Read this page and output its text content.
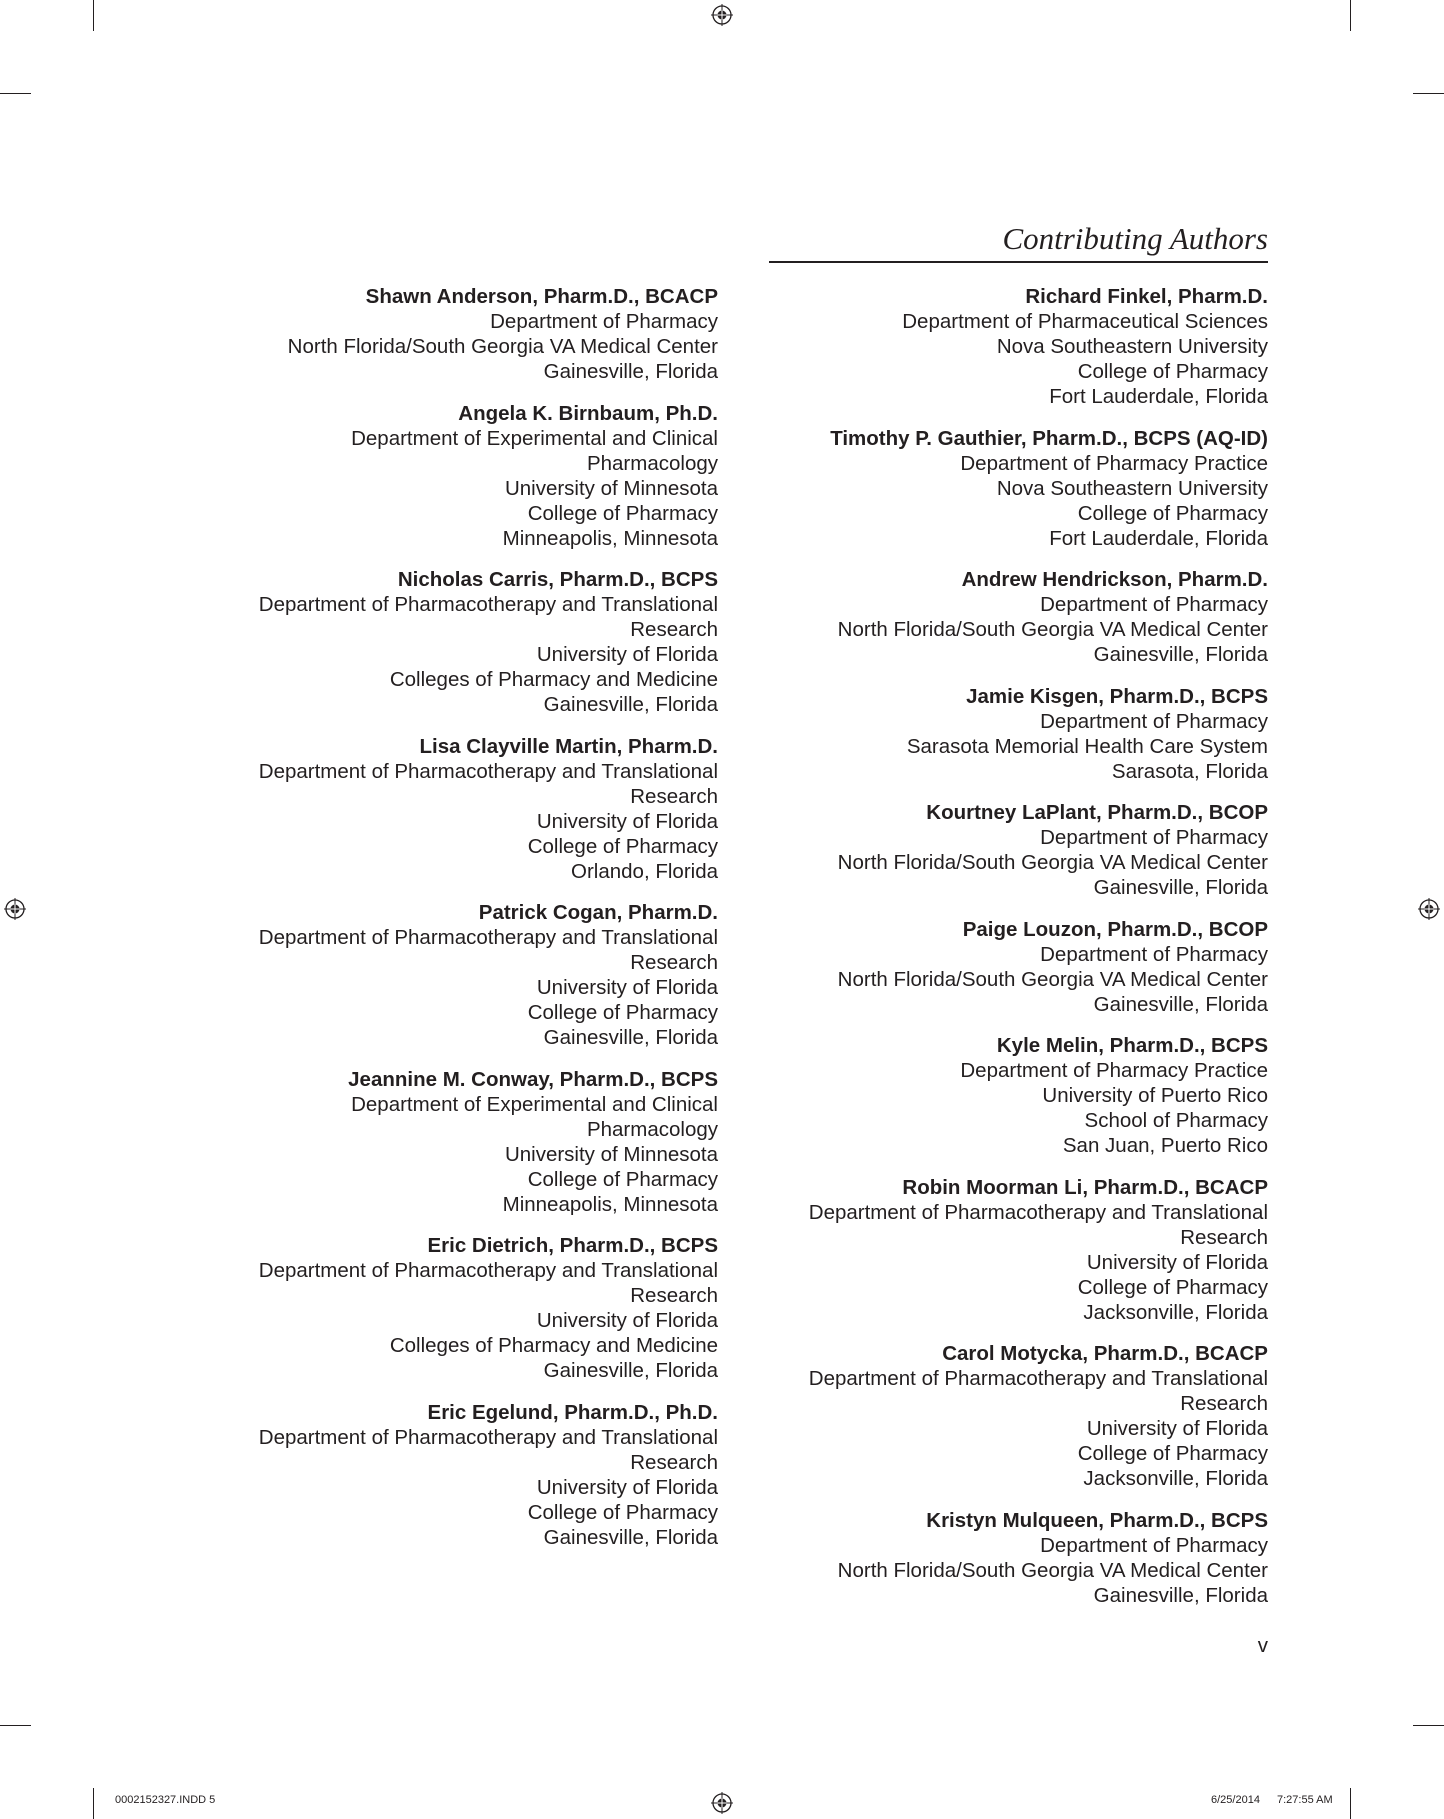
Contributing Authors
Shawn Anderson, Pharm.D., BCACP
Department of Pharmacy
North Florida/South Georgia VA Medical Center
Gainesville, Florida
Angela K. Birnbaum, Ph.D.
Department of Experimental and Clinical
Pharmacology
University of Minnesota
College of Pharmacy
Minneapolis, Minnesota
Nicholas Carris, Pharm.D., BCPS
Department of Pharmacotherapy and Translational
Research
University of Florida
Colleges of Pharmacy and Medicine
Gainesville, Florida
Lisa Clayville Martin, Pharm.D.
Department of Pharmacotherapy and Translational
Research
University of Florida
College of Pharmacy
Orlando, Florida
Patrick Cogan, Pharm.D.
Department of Pharmacotherapy and Translational
Research
University of Florida
College of Pharmacy
Gainesville, Florida
Jeannine M. Conway, Pharm.D., BCPS
Department of Experimental and Clinical
Pharmacology
University of Minnesota
College of Pharmacy
Minneapolis, Minnesota
Eric Dietrich, Pharm.D., BCPS
Department of Pharmacotherapy and Translational
Research
University of Florida
Colleges of Pharmacy and Medicine
Gainesville, Florida
Eric Egelund, Pharm.D., Ph.D.
Department of Pharmacotherapy and Translational
Research
University of Florida
College of Pharmacy
Gainesville, Florida
Richard Finkel, Pharm.D.
Department of Pharmaceutical Sciences
Nova Southeastern University
College of Pharmacy
Fort Lauderdale, Florida
Timothy P. Gauthier, Pharm.D., BCPS (AQ-ID)
Department of Pharmacy Practice
Nova Southeastern University
College of Pharmacy
Fort Lauderdale, Florida
Andrew Hendrickson, Pharm.D.
Department of Pharmacy
North Florida/South Georgia VA Medical Center
Gainesville, Florida
Jamie Kisgen, Pharm.D., BCPS
Department of Pharmacy
Sarasota Memorial Health Care System
Sarasota, Florida
Kourtney LaPlant, Pharm.D., BCOP
Department of Pharmacy
North Florida/South Georgia VA Medical Center
Gainesville, Florida
Paige Louzon, Pharm.D., BCOP
Department of Pharmacy
North Florida/South Georgia VA Medical Center
Gainesville, Florida
Kyle Melin, Pharm.D., BCPS
Department of Pharmacy Practice
University of Puerto Rico
School of Pharmacy
San Juan, Puerto Rico
Robin Moorman Li, Pharm.D., BCACP
Department of Pharmacotherapy and Translational
Research
University of Florida
College of Pharmacy
Jacksonville, Florida
Carol Motycka, Pharm.D., BCACP
Department of Pharmacotherapy and Translational
Research
University of Florida
College of Pharmacy
Jacksonville, Florida
Kristyn Mulqueen, Pharm.D., BCPS
Department of Pharmacy
North Florida/South Georgia VA Medical Center
Gainesville, Florida
v
0002152327.INDD 5	6/25/2014 7:27:55 AM
